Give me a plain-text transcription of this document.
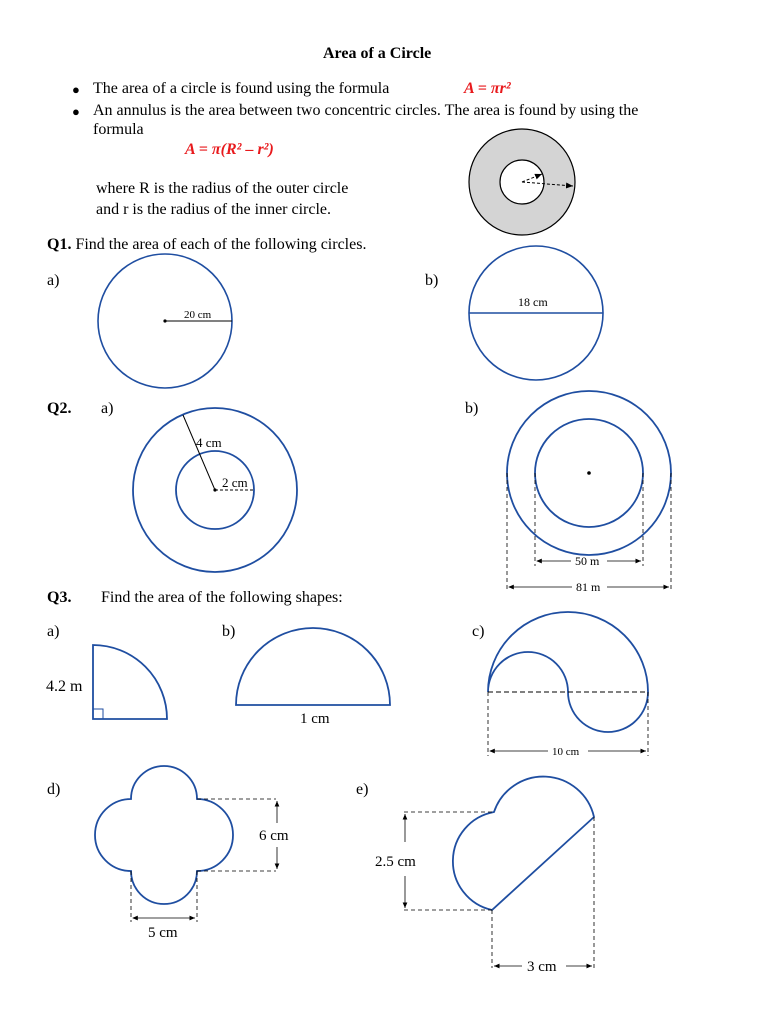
Area of a Circle
● The area of a circle is found using the formula	A = πr²
● An annulus is the area between two concentric circles. The area is found by using the
formula
A = π(R² – r²)
where R is the radius of the outer circle
and r is the radius of the inner circle.
Q1. Find the area of each of the following circles.
a)	b)
Q2. a)	b)
Q3. Find the area of the following shapes:
a)	b)	c)
d)	e)
20 cm
18 cm
4 cm
2 cm
50 m
81 m
4.2 m
1 cm
10 cm
6 cm
5 cm
2.5 cm
3 cm
